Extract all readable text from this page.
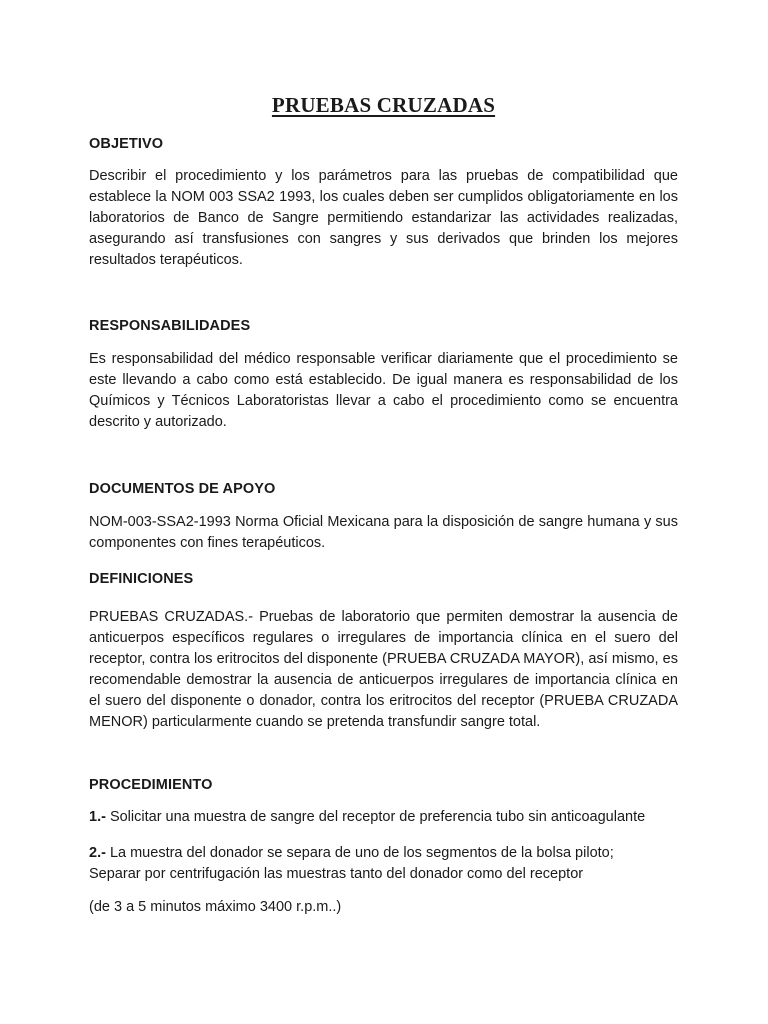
PRUEBAS CRUZADAS
OBJETIVO
Describir el procedimiento y los parámetros para las pruebas de compatibilidad que establece la NOM 003 SSA2 1993, los cuales deben ser cumplidos obligatoriamente en los laboratorios de Banco de Sangre permitiendo estandarizar las actividades realizadas, asegurando así transfusiones con sangres y sus derivados que brinden los mejores resultados terapéuticos.
RESPONSABILIDADES
Es responsabilidad del médico responsable verificar diariamente que el procedimiento se este llevando a cabo como está establecido. De igual manera es responsabilidad de los Químicos y Técnicos Laboratoristas llevar a cabo el procedimiento como se encuentra descrito y autorizado.
DOCUMENTOS DE APOYO
NOM-003-SSA2-1993 Norma Oficial Mexicana para la disposición de sangre humana y sus componentes con fines terapéuticos.
DEFINICIONES
PRUEBAS CRUZADAS.- Pruebas de laboratorio que permiten demostrar la ausencia de anticuerpos específicos regulares o irregulares de importancia clínica en el suero del receptor, contra los eritrocitos del disponente (PRUEBA CRUZADA MAYOR), así mismo, es recomendable demostrar la ausencia de anticuerpos irregulares de importancia clínica en el suero del disponente o donador, contra los eritrocitos del receptor (PRUEBA CRUZADA MENOR) particularmente cuando se pretenda transfundir sangre total.
PROCEDIMIENTO
1.- Solicitar una muestra de sangre del receptor de preferencia tubo sin anticoagulante
2.- La muestra del donador se separa de uno de los segmentos de la bolsa piloto;
Separar por centrifugación las muestras tanto del donador como del receptor
(de 3 a 5 minutos máximo 3400 r.p.m..)
